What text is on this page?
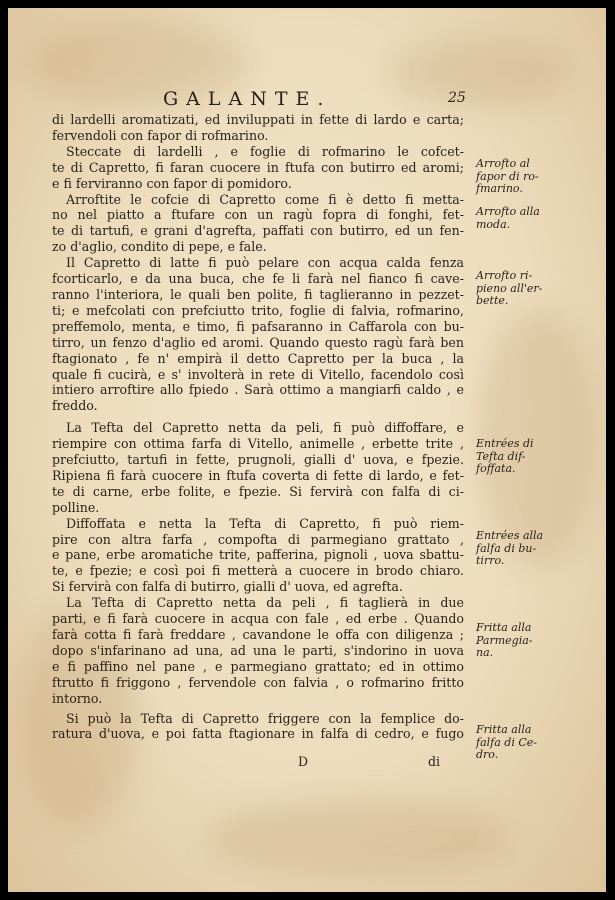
GALANTE.	25
di lardelli aromatizati, ed inviluppati in fette di lardo e carta;
fervendoli con fapor di rofmarino.
Steccate di lardelli , e foglie di rofmarino le cofcet-
te di Capretto, fi faran cuocere in ftufa con butirro ed aromi;
e fi ferviranno con fapor di pomidoro.
Arroftite le cofcie di Capretto come fi è detto fi metta-
no nel piatto a ftufare con un ragù fopra di fonghi, fet-
te di tartufi, e grani d'agrefta, paffati con butirro, ed un fen-
zo d'aglio, condito di pepe, e fale.
Il Capretto di latte fi può pelare con acqua calda fenza
fcorticarlo, e da una buca, che fe li farà nel fianco fi cave-
ranno l'interiora, le quali ben polite, fi taglieranno in pezzet-
ti; e mefcolati con prefciutto trito, foglie di falvia, rofmarino,
preffemolo, menta, e timo, fi pafsaranno in Caffarola con bu-
tirro, un fenzo d'aglio ed aromi. Quando questo ragù farà ben
ftagionato , fe n' empirà il detto Capretto per la buca , la
quale fi cucirà, e s' involterà in rete di Vitello, facendolo così
intiero arroftire allo fpiedo . Sarà ottimo a mangiarfi caldo , e
freddo.
La Tefta del Capretto netta da peli, fi può diffoffare, e
riempire con ottima farfa di Vitello, animelle , erbette trite ,
prefciutto, tartufi in fette, prugnoli, gialli d' uova, e fpezie.
Ripiena fi farà cuocere in ftufa coverta di fette di lardo, e fet-
te di carne, erbe folite, e fpezie. Si fervirà con falfa di ci-
polline.
Diffoffata e netta la Tefta di Capretto, fi può riem-
pire con altra farfa , compofta di parmegiano grattato ,
e pane, erbe aromatiche trite, pafferina, pignoli , uova sbattu-
te, e fpezie; e così poi fi metterà a cuocere in brodo chiaro.
Si fervirà con falfa di butirro, gialli d' uova, ed agrefta.
La Tefta di Capretto netta da peli , fi taglierà in due
parti, e fi farà cuocere in acqua con fale , ed erbe . Quando
farà cotta fi farà freddare , cavandone le offa con diligenza ;
dopo s'infarinano ad una, ad una le parti, s'indorino in uova
e fi paffino nel pane , e parmegiano grattato; ed in ottimo
ftrutto fi friggono , fervendole con falvia , o rofmarino fritto
intorno.
Si può la Tefta di Capretto friggere con la femplice do-
ratura d'uova, e poi fatta ftagionare in falfa di cedro, e fugo
Arrofto al
fapor di ro-
fmarino.
Arrofto alla
moda.
Arrofto ri-
pieno all'er-
bette.
Entrées di
Tefta dif-
foffata.
Entrées alla
falfa di bu-
tirro.
Fritta alla
Parmegia-
na.
Fritta alla
falfa di Ce-
dro.
D	di
